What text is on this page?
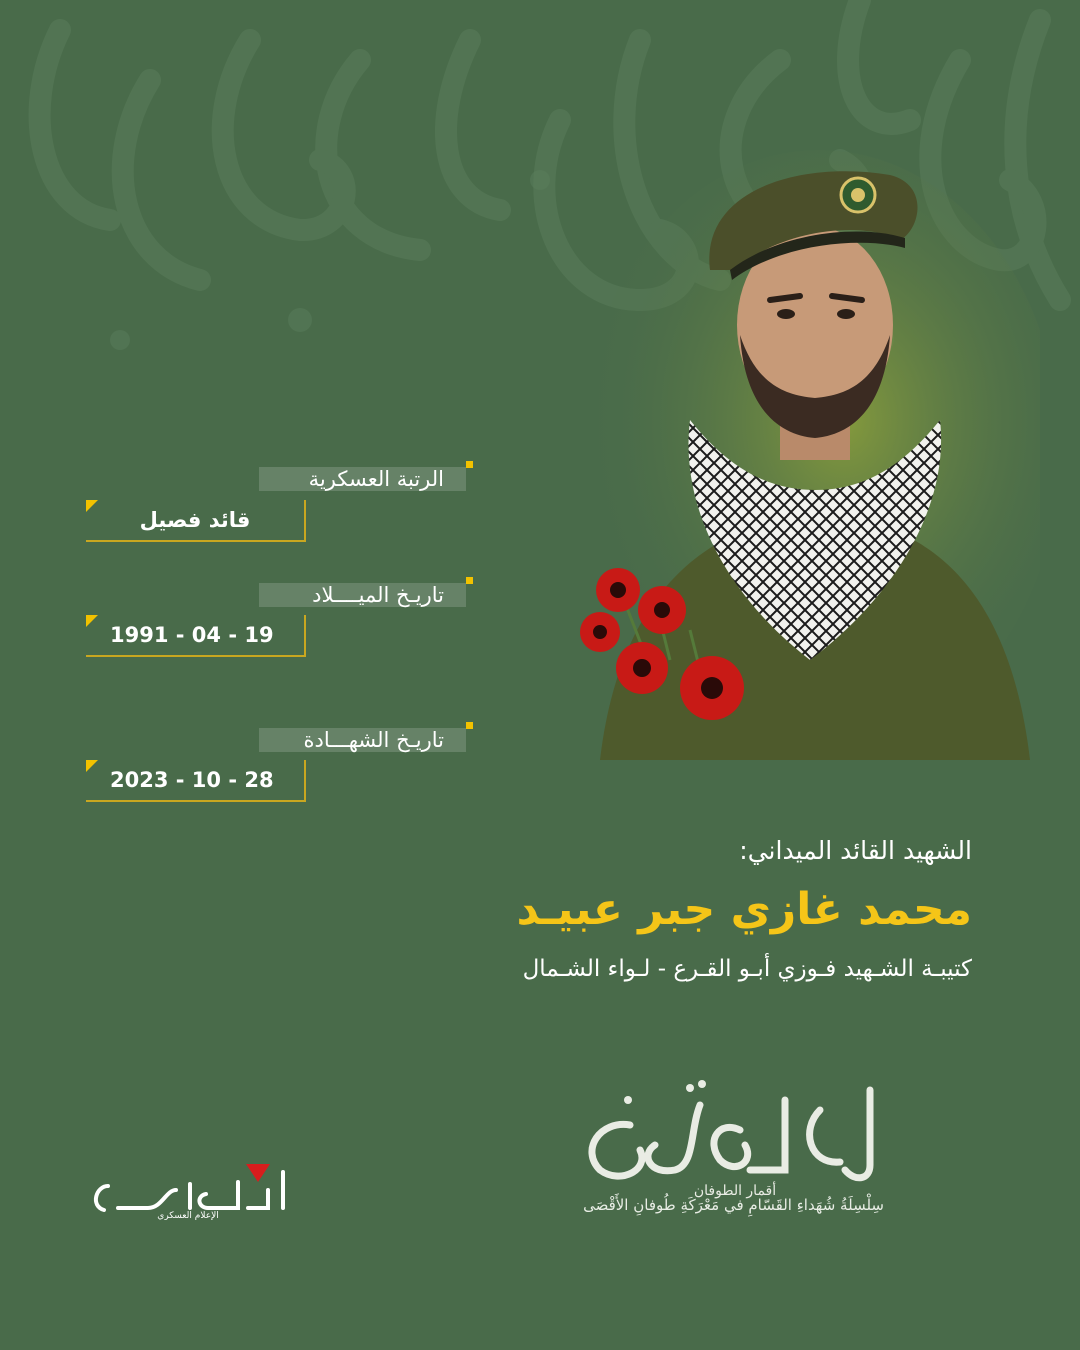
الرتبة العسكرية
قائد فصيل
تاريـخ الميــــلاد
1991 - 04 - 19
تاريـخ الشهـــادة
2023 - 10 - 28
الشهيد القائد الميداني:
محمد غازي جبر عبيـد
كتيبـة الشـهيد فـوزي أبـو القـرع - لـواء الشـمال
أقمار الطوفان
سِلْسِلَةُ شُهَداءِ القَسّامِ في مَعْرَكَةِ طُوفانِ الأَقْصَى
الإعلام العسكري
